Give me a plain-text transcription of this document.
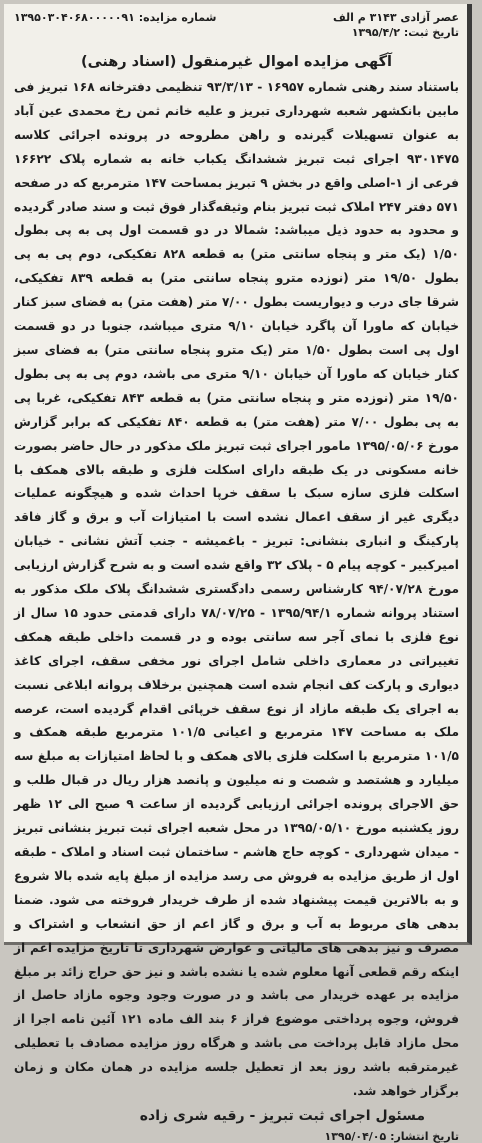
عصر آزادی ۳۱۴۳ م الف
شماره مزایده: ۱۳۹۵۰۳۰۴۰۶۸۰۰۰۰۰۹۱
تاریخ ثبت: ۱۳۹۵/۴/۲
آگهی مزایده اموال غیرمنقول (اسناد رهنی)

باستناد سند رهنی شماره ۱۶۹۵۷ - ۹۳/۳/۱۳ تنظیمی دفترخانه ۱۶۸ تبریز فی مابین بانکشهر شعبه شهرداری تبریز و علیه خانم ثمن رخ محمدی عین آباد به عنوان تسهیلات گیرنده و راهن مطروحه در پرونده اجرائی کلاسه ۹۳۰۱۴۷۵ اجرای ثبت تبریز ششدانگ یکباب خانه به شماره پلاک ۱۶۶۲۲ فرعی از ۱-اصلی واقع در بخش ۹ تبریز بمساحت ۱۴۷ مترمربع که در صفحه ۵۷۱ دفتر ۲۴۷ املاک ثبت تبریز بنام وثیقه‌گذار فوق ثبت و سند صادر گردیده و محدود به حدود ذیل میباشد: شمالا در دو قسمت اول پی به پی بطول ۱/۵۰ (یک متر و پنجاه سانتی متر) به قطعه ۸۲۸ تفکیکی، دوم پی به پی بطول ۱۹/۵۰ متر (نوزده مترو پنجاه سانتی متر) به قطعه ۸۳۹ تفکیکی، شرقا جای درب و دیواریست بطول ۷/۰۰ متر (هفت متر) به فضای سبز کنار خیابان که ماورا آن پاگرد خیابان ۹/۱۰ متری میباشد، جنوبا در دو قسمت اول پی است بطول ۱/۵۰ متر (یک مترو پنجاه سانتی متر) به فضای سبز کنار خیابان که ماورا آن خیابان ۹/۱۰ متری می باشد، دوم پی به پی بطول ۱۹/۵۰ متر (نوزده متر و پنجاه سانتی متر) به قطعه ۸۴۳ تفکیکی، غربا پی به پی بطول ۷/۰۰ متر (هفت متر) به قطعه ۸۴۰ تفکیکی که برابر گزارش مورخ ۱۳۹۵/۰۵/۰۶ مامور اجرای ثبت تبریز ملک مذکور در حال حاضر بصورت خانه مسکونی در یک طبقه دارای اسکلت فلزی و طبقه بالای همکف با اسکلت فلزی سازه سبک با سقف خرپا احداث شده و هیچگونه عملیات دیگری غیر از سقف اعمال نشده است با امتیازات آب و برق و گاز فاقد پارکینگ و انباری بنشانی: تبریز - باغمیشه - جنب آتش نشانی - خیابان امیرکبیر - کوچه پیام ۵ - پلاک ۳۲ واقع شده است و به شرح گزارش ارزیابی مورخ ۹۴/۰۷/۲۸ کارشناس رسمی دادگستری ششدانگ پلاک ملک مذکور به استناد پروانه شماره ۱۳۹۵/۹۴/۱ - ۷۸/۰۷/۲۵ دارای قدمتی حدود ۱۵ سال از نوع فلزی با نمای آجر سه سانتی بوده و در قسمت داخلی طبقه همکف تغییراتی در معماری داخلی شامل اجرای نور مخفی سقف، اجرای کاغذ دیواری و پارکت کف انجام شده است همچنین برخلاف پروانه ابلاغی نسبت به اجرای یک طبقه مازاد از نوع سقف خرپائی اقدام گردیده است، عرصه ملک به مساحت ۱۴۷ مترمربع و اعیانی ۱۰۱/۵ مترمربع طبقه همکف و ۱۰۱/۵ مترمربع با اسکلت فلزی بالای همکف و با لحاظ امتیازات به مبلغ سه میلیارد و هشتصد و شصت و نه میلیون و پانصد هزار ریال در قبال طلب و حق الاجرای پرونده اجرائی ارزیابی گردیده از ساعت ۹ صبح الی ۱۲ ظهر روز یکشنبه مورخ ۱۳۹۵/۰۵/۱۰ در محل شعبه اجرای ثبت تبریز بنشانی تبریز - میدان شهرداری - کوچه حاج هاشم - ساختمان ثبت اسناد و املاک - طبقه اول از طریق مزایده به فروش می رسد مزایده از مبلغ پایه شده بالا شروع و به بالاترین قیمت پیشنهاد شده از طرف خریدار فروخته می شود. ضمنا بدهی های مربوط به آب و برق و گاز اعم از حق انشعاب و اشتراک و مصرف و نیز بدهی های مالیاتی و عوارض شهرداری تا تاریخ مزایده اعم از اینکه رقم قطعی آنها معلوم شده یا نشده باشد و نیز حق حراج زائد بر مبلغ مزایده بر عهده خریدار می باشد و در صورت وجود وجوه مازاد حاصل از فروش، وجوه پرداختی موضوع فراز ۶ بند الف ماده ۱۲۱ آئین نامه اجرا از محل مازاد قابل پرداخت می باشد و هرگاه روز مزایده مصادف با تعطیلی غیرمترقبه باشد روز بعد از تعطیل جلسه مزایده در همان مکان و زمان برگزار خواهد شد.

مسئول اجرای ثبت تبریز - رقیه شری زاده
تاریخ انتشار: ۱۳۹۵/۰۴/۰۵
